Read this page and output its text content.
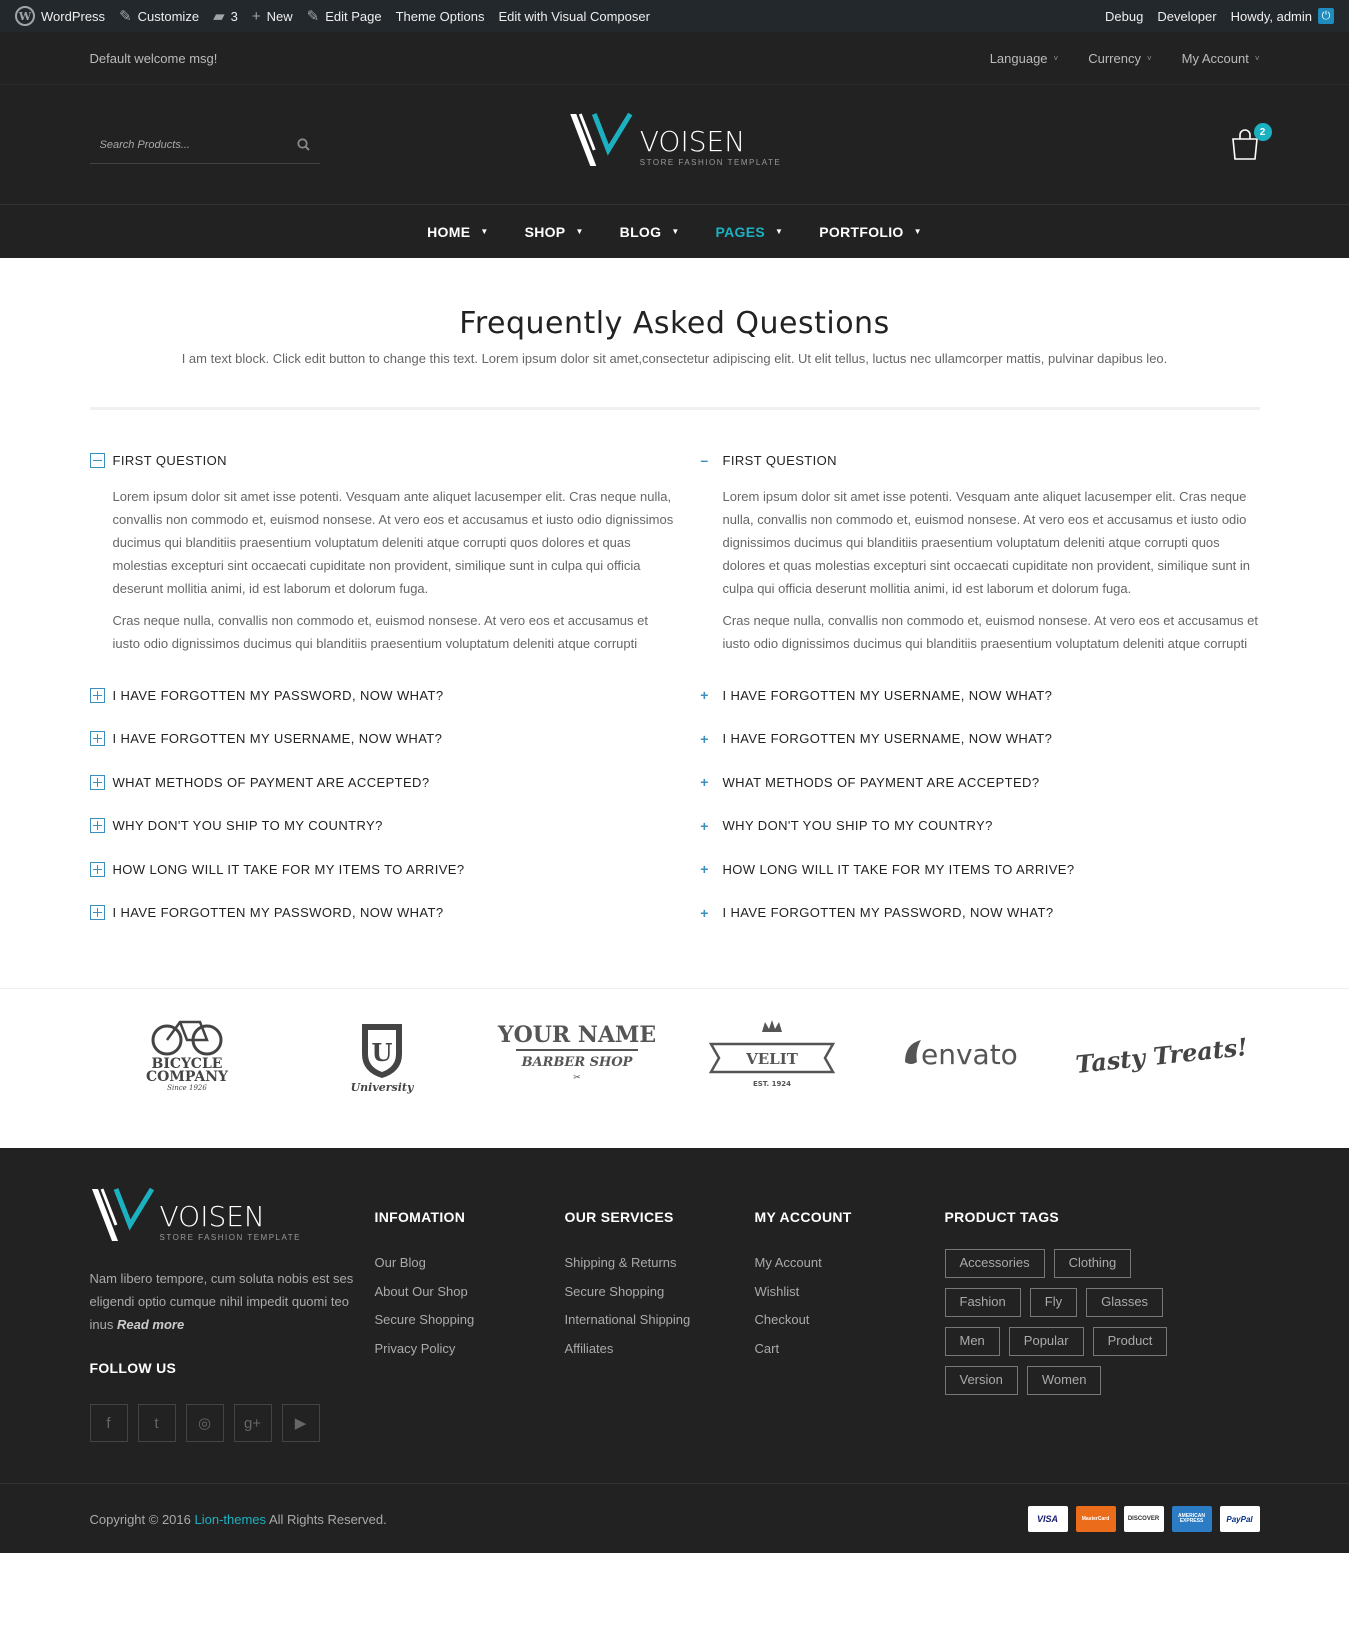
W WordPress ✎ Customize ▰ 3 + New ✎ Edit Page Theme Options Edit with Visual Composer	Debug Developer Howdy, admin ⏻
Default welcome msg!	Language ˅ Currency ˅ My Account ˅
Search Products...
VOISEN
STORE FASHION TEMPLATE
2
HOME ▼	SHOP ▼	BLOG ▼	PAGES ▼	PORTFOLIO ▼
Frequently Asked Questions

I am text block. Click edit button to change this text. Lorem ipsum dolor sit amet,consectetur adipiscing elit. Ut elit tellus, luctus nec ullamcorper mattis, pulvinar dapibus leo.

FIRST QUESTION

Lorem ipsum dolor sit amet isse potenti. Vesquam ante aliquet lacusemper elit. Cras neque nulla, convallis non commodo et, euismod nonsese. At vero eos et accusamus et iusto odio dignissimos ducimus qui blanditiis praesentium voluptatum deleniti atque corrupti quos dolores et quas molestias excepturi sint occaecati cupiditate non provident, similique sunt in culpa qui officia deserunt mollitia animi, id est laborum et dolorum fuga.

Cras neque nulla, convallis non commodo et, euismod nonsese. At vero eos et accusamus et iusto odio dignissimos ducimus qui blanditiis praesentium voluptatum deleniti atque corrupti

I HAVE FORGOTTEN MY PASSWORD, NOW WHAT?
I HAVE FORGOTTEN MY USERNAME, NOW WHAT?
WHAT METHODS OF PAYMENT ARE ACCEPTED?
WHY DON'T YOU SHIP TO MY COUNTRY?
HOW LONG WILL IT TAKE FOR MY ITEMS TO ARRIVE?
I HAVE FORGOTTEN MY PASSWORD, NOW WHAT?
– FIRST QUESTION

Lorem ipsum dolor sit amet isse potenti. Vesquam ante aliquet lacusemper elit. Cras neque nulla, convallis non commodo et, euismod nonsese. At vero eos et accusamus et iusto odio dignissimos ducimus qui blanditiis praesentium voluptatum deleniti atque corrupti quos dolores et quas molestias excepturi sint occaecati cupiditate non provident, similique sunt in culpa qui officia deserunt mollitia animi, id est laborum et dolorum fuga.

Cras neque nulla, convallis non commodo et, euismod nonsese. At vero eos et accusamus et iusto odio dignissimos ducimus qui blanditiis praesentium voluptatum deleniti atque corrupti

+ I HAVE FORGOTTEN MY USERNAME, NOW WHAT?
+ I HAVE FORGOTTEN MY USERNAME, NOW WHAT?
+ WHAT METHODS OF PAYMENT ARE ACCEPTED?
+ WHY DON'T YOU SHIP TO MY COUNTRY?
+ HOW LONG WILL IT TAKE FOR MY ITEMS TO ARRIVE?
+ I HAVE FORGOTTEN MY PASSWORD, NOW WHAT?
BICYCLE
COMPANY
Since 1926
U
University
YOUR NAME
BARBER SHOP
✂
VELIT
EST. 1924
envato Tasty Treats!
VOISEN
STORE FASHION TEMPLATE

Nam libero tempore, cum soluta nobis est ses eligendi optio cumque nihil impedit quomi teo inus Read more

FOLLOW US
f	t	◎	g+	▶
INFOMATION
Our Blog
About Our Shop
Secure Shopping
Privacy Policy
OUR SERVICES
Shipping & Returns
Secure Shopping
International Shipping
Affiliates
MY ACCOUNT
My Account
Wishlist
Checkout
Cart
PRODUCT TAGS
Accessories	Clothing
Fashion	Fly	Glasses
Men	Popular	Product
Version	Women
Copyright © 2016 Lion-themes All Rights Reserved.	VISA	MasterCard	DISCOVER	AMERICAN EXPRESS	PayPal
